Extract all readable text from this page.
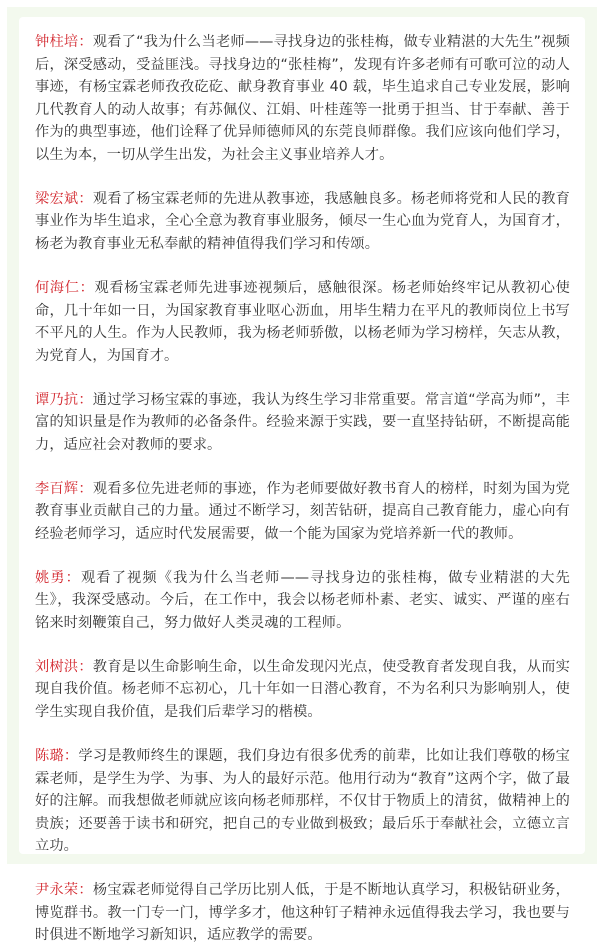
钟柱培：观看了“我为什么当老师——寻找身边的张桂梅，做专业精湛的大先生”视频后，深受感动，受益匪浅。寻找身边的“张桂梅”，发现有许多老师有可歌可泣的动人事迹，有杨宝霖老师孜孜矻矻、献身教育事业 40 载，毕生追求自己专业发展，影响几代教育人的动人故事；有苏佩仪、江娟、叶桂莲等一批勇于担当、甘于奉献、善于作为的典型事迹，他们诠释了优异师德师风的东莞良师群像。我们应该向他们学习，以生为本，一切从学生出发，为社会主义事业培养人才。

梁宏斌：观看了杨宝霖老师的先进从教事迹，我感触良多。杨老师将党和人民的教育事业作为毕生追求，全心全意为教育事业服务，倾尽一生心血为党育人，为国育才，杨老为教育事业无私奉献的精神值得我们学习和传颂。

何海仁：观看杨宝霖老师先进事迹视频后，感触很深。杨老师始终牢记从教初心使命，几十年如一日，为国家教育事业呕心沥血，用毕生精力在平凡的教师岗位上书写不平凡的人生。作为人民教师，我为杨老师骄傲，以杨老师为学习榜样，矢志从教，为党育人，为国育才。

谭乃抗：通过学习杨宝霖的事迹，我认为终生学习非常重要。常言道“学高为师”，丰富的知识量是作为教师的必备条件。经验来源于实践，要一直坚持钻研，不断提高能力，适应社会对教师的要求。

李百辉：观看多位先进老师的事迹，作为老师要做好教书育人的榜样，时刻为国为党教育事业贡献自己的力量。通过不断学习，刻苦钻研，提高自己教育能力，虚心向有经验老师学习，适应时代发展需要，做一个能为国家为党培养新一代的教师。

姚勇：观看了视频《我为什么当老师——寻找身边的张桂梅，做专业精湛的大先生》，我深受感动。今后，在工作中，我会以杨老师朴素、老实、诚实、严谨的座右铭来时刻鞭策自己，努力做好人类灵魂的工程师。

刘树洪：教育是以生命影响生命，以生命发现闪光点，使受教育者发现自我，从而实现自我价值。杨老师不忘初心，几十年如一日潜心教育，不为名利只为影响别人，使学生实现自我价值，是我们后辈学习的楷模。

陈璐：学习是教师终生的课题，我们身边有很多优秀的前辈，比如让我们尊敬的杨宝霖老师，是学生为学、为事、为人的最好示范。他用行动为“教育”这两个字，做了最好的注解。而我想做老师就应该向杨老师那样，不仅甘于物质上的清贫，做精神上的贵族；还要善于读书和研究，把自己的专业做到极致；最后乐于奉献社会，立德立言立功。

尹永荣：杨宝霖老师觉得自己学历比别人低，于是不断地认真学习，积极钻研业务，博览群书。教一门专一门，博学多才，他这种钉子精神永远值得我去学习，我也要与时俱进不断地学习新知识，适应教学的需要。
